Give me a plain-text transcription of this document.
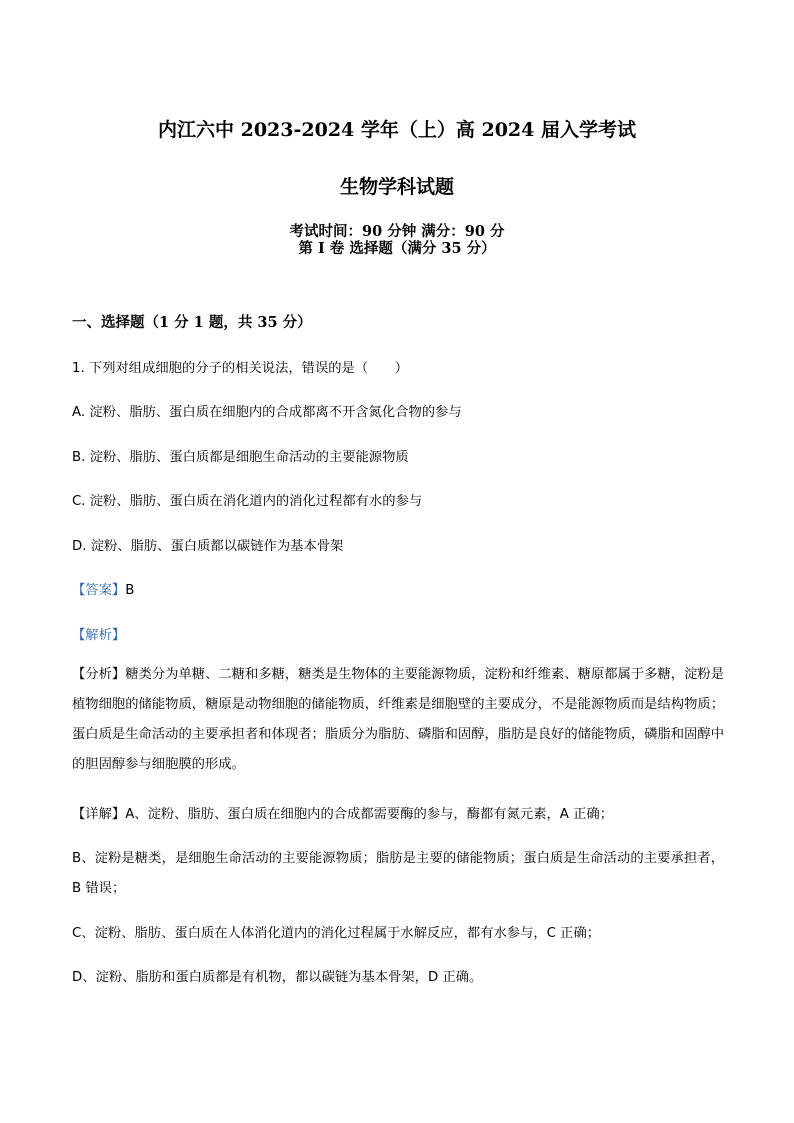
内江六中 2023-2024 学年（上）高 2024 届入学考试
生物学科试题
考试时间：90 分钟 满分：90 分
第 I 卷 选择题（满分 35 分）
一、选择题（1 分 1 题，共 35 分）
1. 下列对组成细胞的分子的相关说法，错误的是（　　）
A. 淀粉、脂肪、蛋白质在细胞内的合成都离不开含氮化合物的参与
B. 淀粉、脂肪、蛋白质都是细胞生命活动的主要能源物质
C. 淀粉、脂肪、蛋白质在消化道内的消化过程都有水的参与
D. 淀粉、脂肪、蛋白质都以碳链作为基本骨架
【答案】B
【解析】
【分析】糖类分为单糖、二糖和多糖，糖类是生物体的主要能源物质，淀粉和纤维素、糖原都属于多糖，淀粉是植物细胞的储能物质，糖原是动物细胞的储能物质，纤维素是细胞壁的主要成分，不是能源物质而是结构物质；蛋白质是生命活动的主要承担者和体现者；脂质分为脂肪、磷脂和固醇，脂肪是良好的储能物质，磷脂和固醇中的胆固醇参与细胞膜的形成。
【详解】A、淀粉、脂肪、蛋白质在细胞内的合成都需要酶的参与，酶都有氮元素，A 正确；
B、淀粉是糖类，是细胞生命活动的主要能源物质；脂肪是主要的储能物质；蛋白质是生命活动的主要承担者，B 错误；
C、淀粉、脂肪、蛋白质在人体消化道内的消化过程属于水解反应，都有水参与，C 正确；
D、淀粉、脂肪和蛋白质都是有机物，都以碳链为基本骨架，D 正确。
